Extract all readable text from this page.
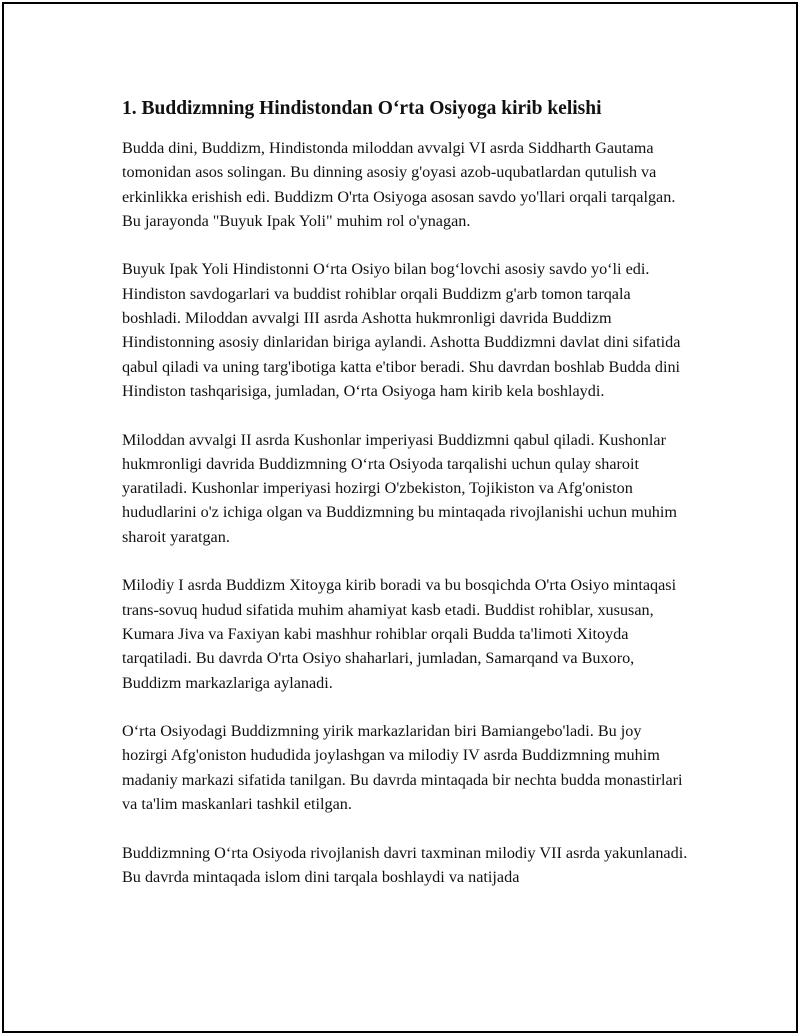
1. Buddizmning Hindistondan O‘rta Osiyoga kirib kelishi

Budda dini, Buddizm, Hindistonda miloddan avvalgi VI asrda Siddharth Gautama tomonidan asos solingan. Bu dinning asosiy g'oyasi azob-uqubatlardan qutulish va erkinlikka erishish edi. Buddizm O'rta Osiyoga asosan savdo yo'llari orqali tarqalgan. Bu jarayonda "Buyuk Ipak Yoli" muhim rol o'ynagan.

Buyuk Ipak Yoli Hindistonni O‘rta Osiyo bilan bog‘lovchi asosiy savdo yo‘li edi. Hindiston savdogarlari va buddist rohiblar orqali Buddizm g'arb tomon tarqala boshladi. Miloddan avvalgi III asrda Ashotta hukmronligi davrida Buddizm Hindistonning asosiy dinlaridan biriga aylandi. Ashotta Buddizmni davlat dini sifatida qabul qiladi va uning targ'ibotiga katta e'tibor beradi. Shu davrdan boshlab Budda dini Hindiston tashqarisiga, jumladan, O‘rta Osiyoga ham kirib kela boshlaydi.

Miloddan avvalgi II asrda Kushonlar imperiyasi Buddizmni qabul qiladi. Kushonlar hukmronligi davrida Buddizmning O‘rta Osiyoda tarqalishi uchun qulay sharoit yaratiladi. Kushonlar imperiyasi hozirgi O'zbekiston, Tojikiston va Afg'oniston hududlarini o'z ichiga olgan va Buddizmning bu mintaqada rivojlanishi uchun muhim sharoit yaratgan.

Milodiy I asrda Buddizm Xitoyga kirib boradi va bu bosqichda O'rta Osiyo mintaqasi trans-sovuq hudud sifatida muhim ahamiyat kasb etadi. Buddist rohiblar, xususan, Kumara Jiva va Faxiyan kabi mashhur rohiblar orqali Budda ta'limoti Xitoyda tarqatiladi. Bu davrda O'rta Osiyo shaharlari, jumladan, Samarqand va Buxoro, Buddizm markazlariga aylanadi.

O‘rta Osiyodagi Buddizmning yirik markazlaridan biri Bamiangebo'ladi. Bu joy hozirgi Afg'oniston hududida joylashgan va milodiy IV asrda Buddizmning muhim madaniy markazi sifatida tanilgan. Bu davrda mintaqada bir nechta budda monastirlari va ta'lim maskanlari tashkil etilgan.

Buddizmning O‘rta Osiyoda rivojlanish davri taxminan milodiy VII asrda yakunlanadi. Bu davrda mintaqada islom dini tarqala boshlaydi va natijada
